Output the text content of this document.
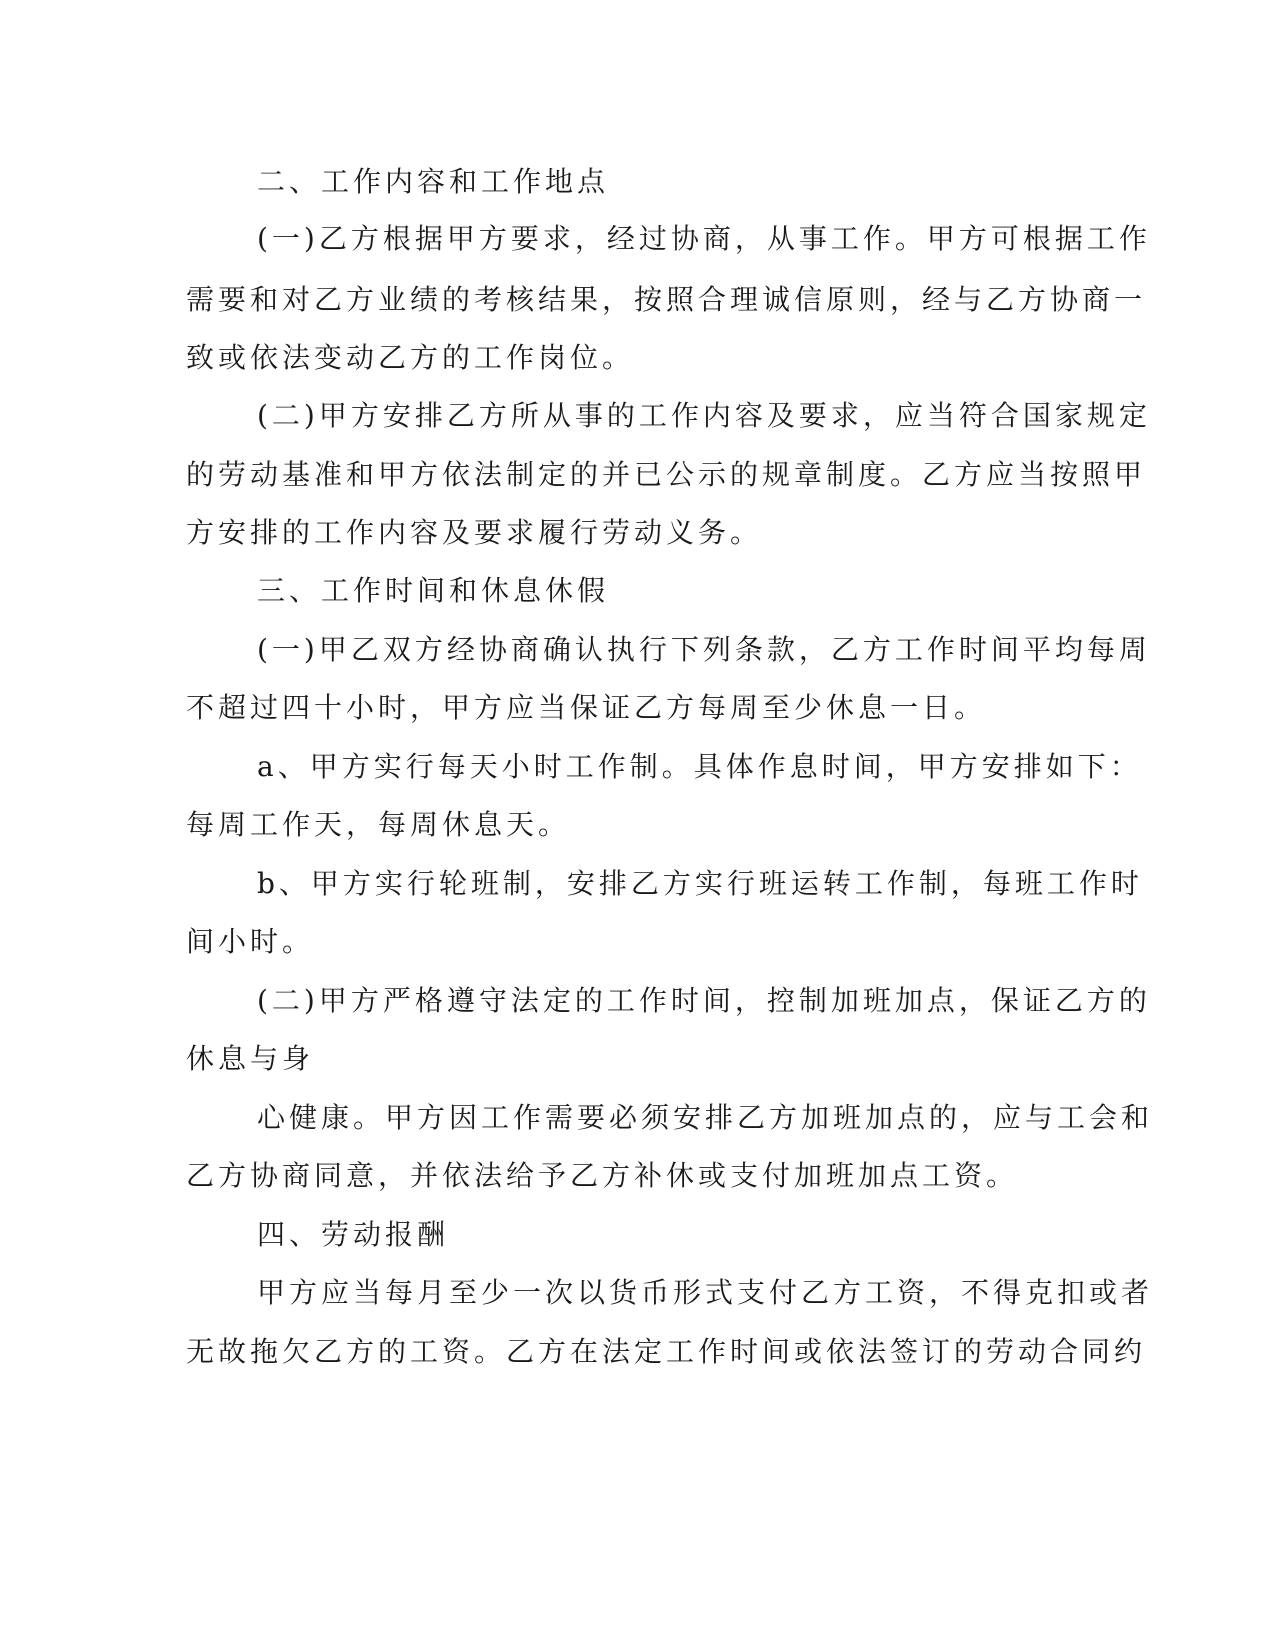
二、工作内容和工作地点
(一)乙方根据甲方要求，经过协商，从事工作。甲方可根据工作
需要和对乙方业绩的考核结果，按照合理诚信原则，经与乙方协商一
致或依法变动乙方的工作岗位。
(二)甲方安排乙方所从事的工作内容及要求，应当符合国家规定
的劳动基准和甲方依法制定的并已公示的规章制度。乙方应当按照甲
方安排的工作内容及要求履行劳动义务。
三、工作时间和休息休假
(一)甲乙双方经协商确认执行下列条款，乙方工作时间平均每周
不超过四十小时，甲方应当保证乙方每周至少休息一日。
a、甲方实行每天小时工作制。具体作息时间，甲方安排如下：
每周工作天，每周休息天。
b、甲方实行轮班制，安排乙方实行班运转工作制，每班工作时
间小时。
(二)甲方严格遵守法定的工作时间，控制加班加点，保证乙方的
休息与身
心健康。甲方因工作需要必须安排乙方加班加点的，应与工会和
乙方协商同意，并依法给予乙方补休或支付加班加点工资。
四、劳动报酬
甲方应当每月至少一次以货币形式支付乙方工资，不得克扣或者
无故拖欠乙方的工资。乙方在法定工作时间或依法签订的劳动合同约
